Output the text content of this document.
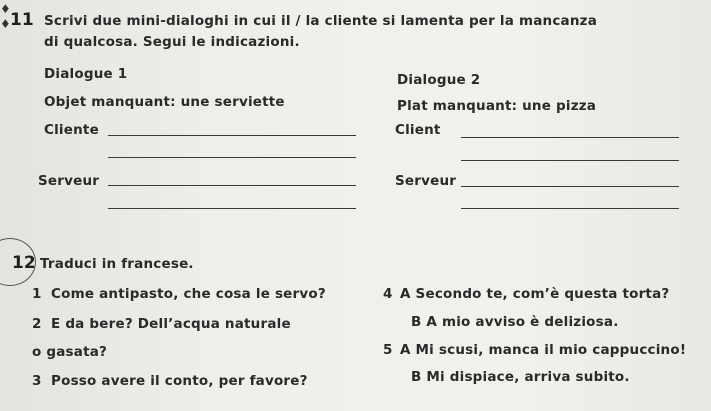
♦
♦ 11 Scrivi due mini-dialoghi in cui il / la cliente si lamenta per la mancanza
di qualcosa. Segui le indicazioni.
Dialogue 1	Dialogue 2
Objet manquant: une serviette	Plat manquant: une pizza
Cliente
Serveur
Client
Serveur
12 Traduci in francese.
1 Come antipasto, che cosa le servo?
2 E da bere? Dell’acqua naturale
o gasata?
3 Posso avere il conto, per favore?
4 A Secondo te, com’è questa torta?
B A mio avviso è deliziosa.
5 A Mi scusi, manca il mio cappuccino!
B Mi dispiace, arriva subito.
